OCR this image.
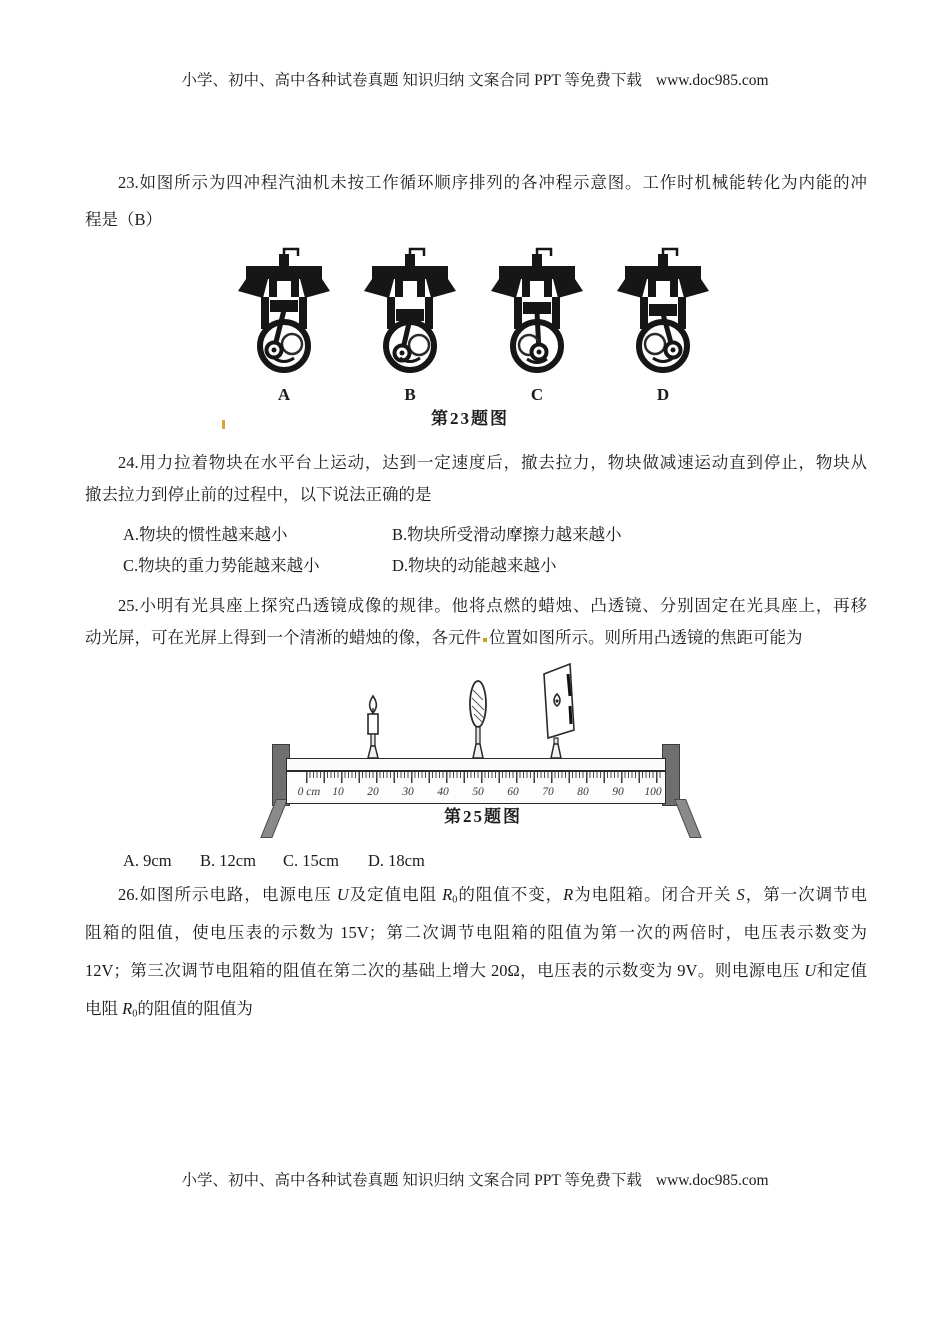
小学、初中、高中各种试卷真题 知识归纳 文案合同 PPT 等免费下载 www.doc985.com
23.如图所示为四冲程汽油机未按工作循环顺序排列的各冲程示意图。工作时机械能转化为内能的冲
程是（B）
A	B	C	D
第23题图
24.用力拉着物块在水平台上运动，达到一定速度后，撤去拉力，物块做减速运动直到停止，物块从
撤去拉力到停止前的过程中，以下说法正确的是
A.物块的惯性越来越小	B.物块所受滑动摩擦力越来越小
C.物块的重力势能越来越小	D.物块的动能越来越小
25.小明有光具座上探究凸透镜成像的规律。他将点燃的蜡烛、凸透镜、分别固定在光具座上，再移
动光屏，可在光屏上得到一个清淅的蜡烛的像，各元件 位置如图所示。则所用凸透镜的焦距可能为
0 cm 10 20 30 40 50 60 70 80 90 100
第25题图
A. 9cm B. 12cm C. 15cm D. 18cm
26.如图所示电路，电源电压 U及定值电阻 R0的阻值不变，R为电阻箱。闭合开关 S，第一次调节电
阻箱的阻值，使电压表的示数为 15V；第二次调节电阻箱的阻值为第一次的两倍时，电压表示数变为
12V；第三次调节电阻箱的阻值在第二次的基础上增大 20Ω，电压表的示数变为 9V。则电源电压 U和定值
电阻 R0的阻值的阻值为
小学、初中、高中各种试卷真题 知识归纳 文案合同 PPT 等免费下载 www.doc985.com
